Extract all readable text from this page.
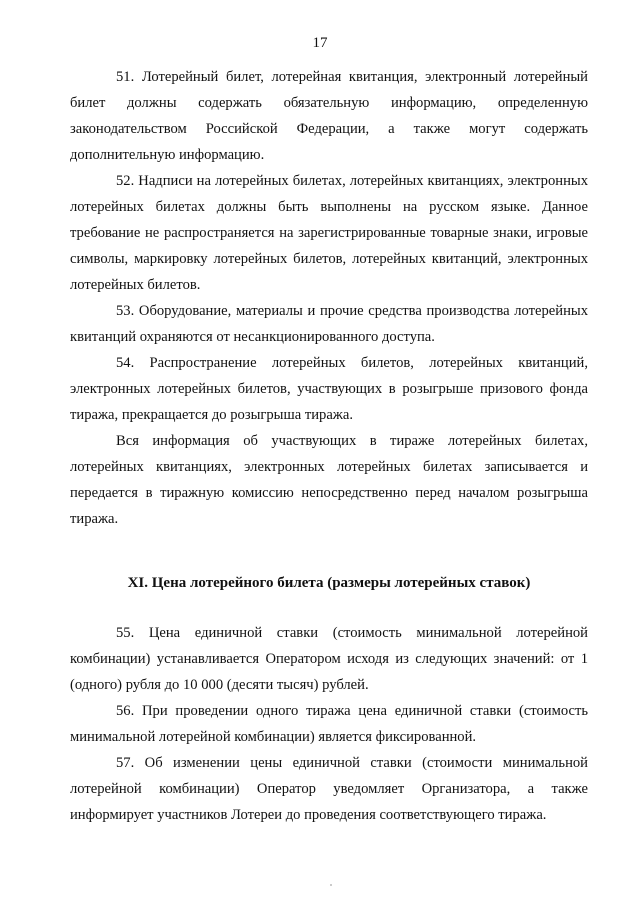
17

51. Лотерейный билет, лотерейная квитанция, электронный лотерейный билет должны содержать обязательную информацию, определенную законодательством Российской Федерации, а также могут содержать дополнительную информацию.

52. Надписи на лотерейных билетах, лотерейных квитанциях, электронных лотерейных билетах должны быть выполнены на русском языке. Данное требование не распространяется на зарегистрированные товарные знаки, игровые символы, маркировку лотерейных билетов, лотерейных квитанций, электронных лотерейных билетов.

53. Оборудование, материалы и прочие средства производства лотерейных квитанций охраняются от несанкционированного доступа.

54. Распространение лотерейных билетов, лотерейных квитанций, электронных лотерейных билетов, участвующих в розыгрыше призового фонда тиража, прекращается до розыгрыша тиража.

Вся информация об участвующих в тираже лотерейных билетах, лотерейных квитанциях, электронных лотерейных билетах записывается и передается в тиражную комиссию непосредственно перед началом розыгрыша тиража.

XI. Цена лотерейного билета (размеры лотерейных ставок)

55. Цена единичной ставки (стоимость минимальной лотерейной комбинации) устанавливается Оператором исходя из следующих значений: от 1 (одного) рубля до 10 000 (десяти тысяч) рублей.

56. При проведении одного тиража цена единичной ставки (стоимость минимальной лотерейной комбинации) является фиксированной.

57. Об изменении цены единичной ставки (стоимости минимальной лотерейной комбинации) Оператор уведомляет Организатора, а также информирует участников Лотереи до проведения соответствующего тиража.
